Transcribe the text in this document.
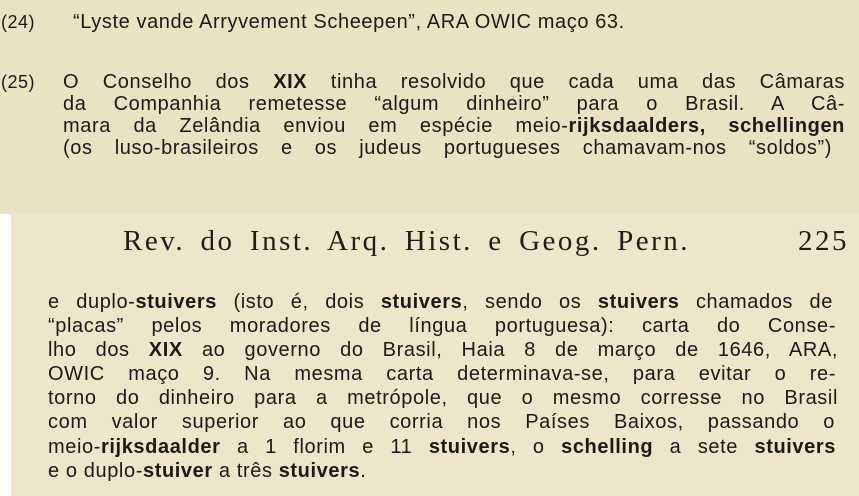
(24) “Lyste vande Arryvement Scheepen”, ARA OWIC maço 63.
(25) O Conselho dos XIX tinha resolvido que cada uma das Câmaras
da Companhia remetesse “algum dinheiro” para o Brasil. A Câ-
mara da Zelândia enviou em espécie meio-rijksdaalders, schellingen
(os luso-brasileiros e os judeus portugueses chamavam-nos “soldos”)
Rev. do Inst. Arq. Hist. e Geog. Pern.	225
e duplo-stuivers (isto é, dois stuivers, sendo os stuivers chamados de
“placas” pelos moradores de língua portuguesa): carta do Conse-
lho dos XIX ao governo do Brasil, Haia 8 de março de 1646, ARA,
OWIC maço 9. Na mesma carta determinava-se, para evitar o re-
torno do dinheiro para a metrópole, que o mesmo corresse no Brasil
com valor superior ao que corria nos Países Baixos, passando o
meio-rijksdaalder a 1 florim e 11 stuivers, o schelling a sete stuivers
e o duplo-stuiver a três stuivers.
